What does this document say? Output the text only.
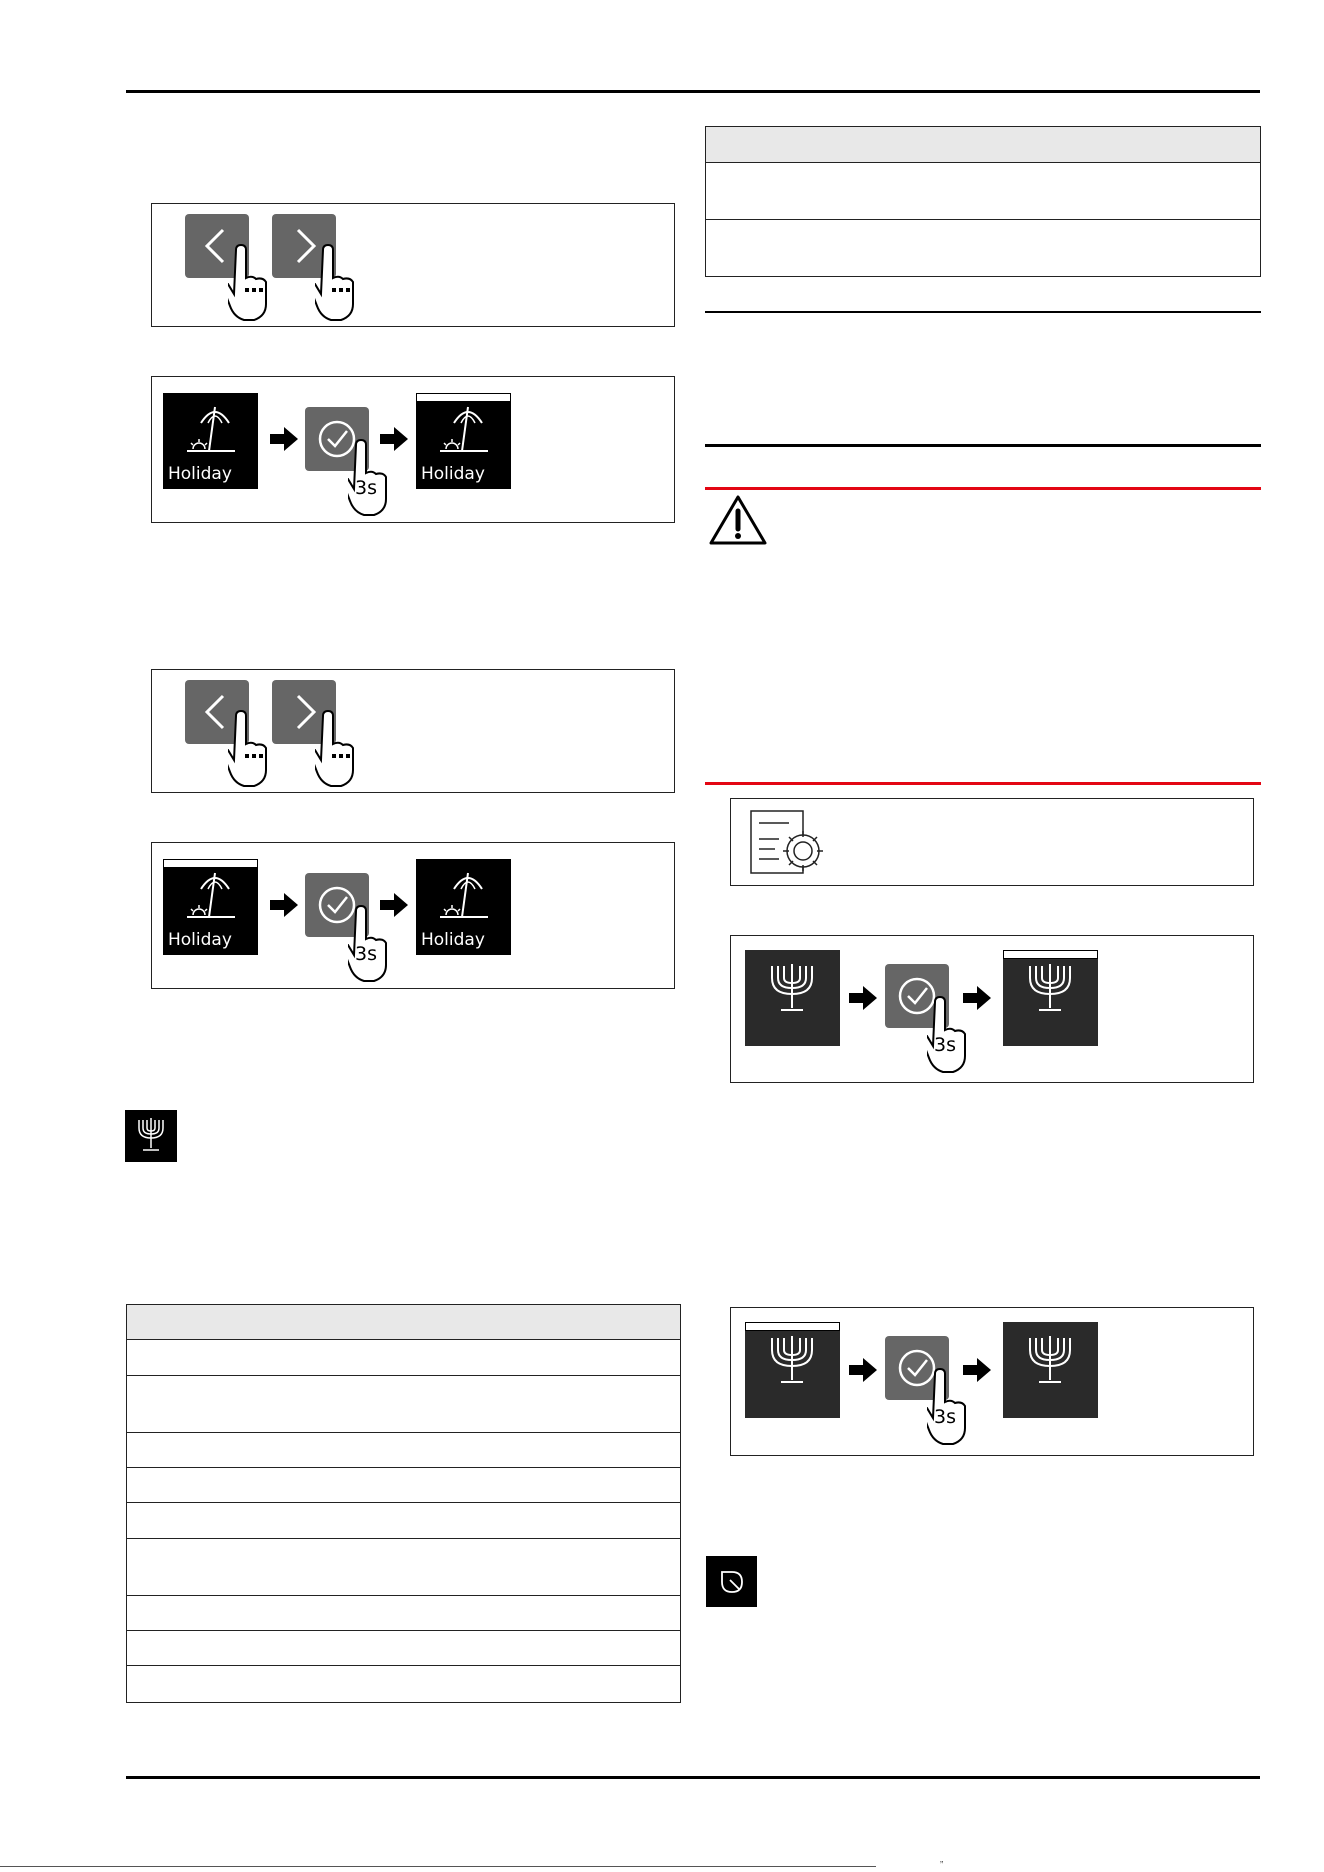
”
Holiday
3s
Holiday
Holiday
3s
Holiday
3s
3s
